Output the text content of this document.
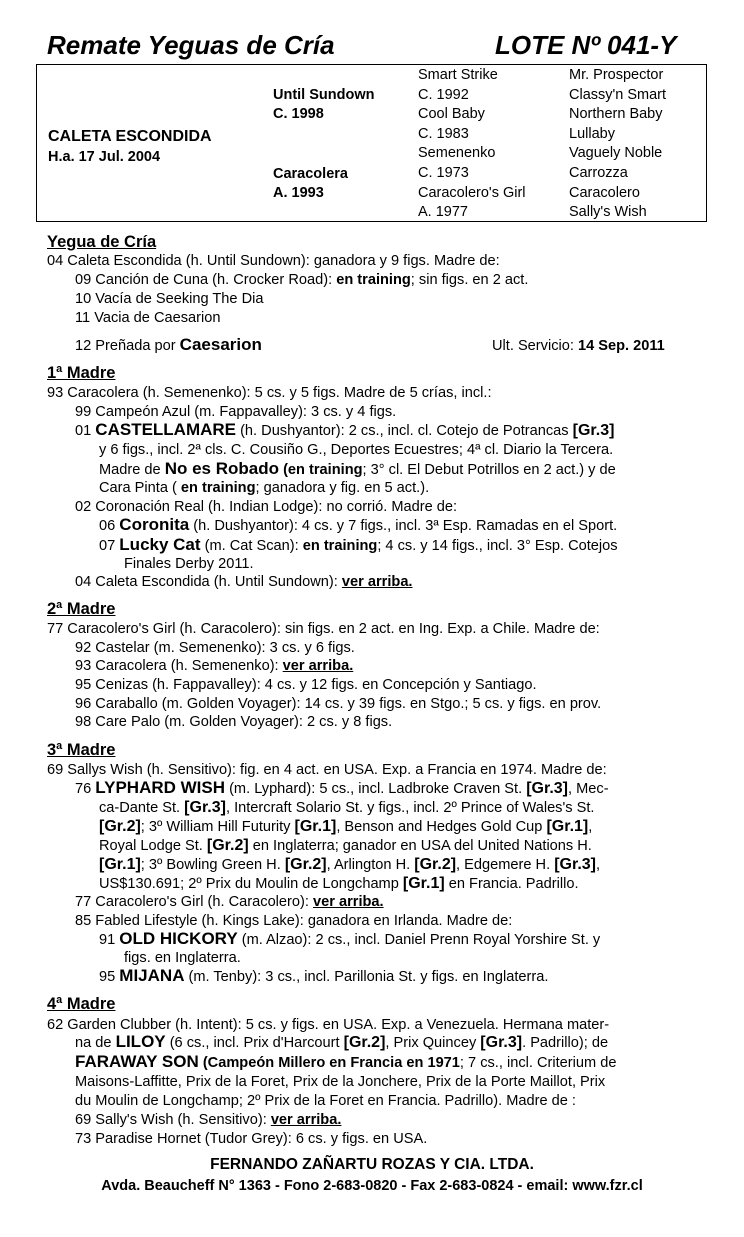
Remate Yeguas de Cría	LOTE Nº 041-Y
CALETA ESCONDIDA
H.a. 17 Jul. 2004
Until Sundown
C. 1998
Caracolera
A. 1993
Smart Strike
C. 1992
Cool Baby
C. 1983
Semenenko
C. 1973
Caracolero's Girl
A. 1977
Mr. Prospector
Classy'n Smart
Northern Baby
Lullaby
Vaguely Noble
Carrozza
Caracolero
Sally's Wish
Yegua de Cría
04 Caleta Escondida (h. Until Sundown): ganadora y 9 figs. Madre de:
09 Canción de Cuna (h. Crocker Road): en training; sin figs. en 2 act.
10 Vacía de Seeking The Dia
11 Vacia de Caesarion
12 Preñada por Caesarion	Ult. Servicio: 14 Sep. 2011
1ª Madre
93 Caracolera (h. Semenenko): 5 cs. y 5 figs. Madre de 5 crías, incl.:
99 Campeón Azul (m. Fappavalley): 3 cs. y 4 figs.
01 CASTELLAMARE (h. Dushyantor): 2 cs., incl. cl. Cotejo de Potrancas [Gr.3]
y 6 figs., incl. 2ª cls. C. Cousiño G., Deportes Ecuestres; 4ª cl. Diario la Tercera.
Madre de No es Robado (en training; 3° cl. El Debut Potrillos en 2 act.) y de
Cara Pinta ( en training; ganadora y fig. en 5 act.).
02 Coronación Real (h. Indian Lodge): no corrió. Madre de:
06 Coronita (h. Dushyantor): 4 cs. y 7 figs., incl. 3ª Esp. Ramadas en el Sport.
07 Lucky Cat (m. Cat Scan): en training; 4 cs. y 14 figs., incl. 3° Esp. Cotejos
Finales Derby 2011.
04 Caleta Escondida (h. Until Sundown): ver arriba.
2ª Madre
77 Caracolero's Girl (h. Caracolero): sin figs. en 2 act. en Ing. Exp. a Chile. Madre de:
92 Castelar (m. Semenenko): 3 cs. y 6 figs.
93 Caracolera (h. Semenenko): ver arriba.
95 Cenizas (h. Fappavalley): 4 cs. y 12 figs. en Concepción y Santiago.
96 Caraballo (m. Golden Voyager): 14 cs. y 39 figs. en Stgo.; 5 cs. y figs. en prov.
98 Care Palo (m. Golden Voyager): 2 cs. y 8 figs.
3ª Madre
69 Sallys Wish (h. Sensitivo): fig. en 4 act. en USA. Exp. a Francia en 1974. Madre de:
76 LYPHARD WISH (m. Lyphard): 5 cs., incl. Ladbroke Craven St. [Gr.3], Mec-
ca-Dante St. [Gr.3], Intercraft Solario St. y figs., incl. 2º Prince of Wales's St.
[Gr.2]; 3º William Hill Futurity [Gr.1], Benson and Hedges Gold Cup [Gr.1],
Royal Lodge St. [Gr.2] en Inglaterra; ganador en USA del United Nations H.
[Gr.1]; 3º Bowling Green H. [Gr.2], Arlington H. [Gr.2], Edgemere H. [Gr.3],
US$130.691; 2º Prix du Moulin de Longchamp [Gr.1] en Francia. Padrillo.
77 Caracolero's Girl (h. Caracolero): ver arriba.
85 Fabled Lifestyle (h. Kings Lake): ganadora en Irlanda. Madre de:
91 OLD HICKORY (m. Alzao): 2 cs., incl. Daniel Prenn Royal Yorshire St. y
figs. en Inglaterra.
95 MIJANA (m. Tenby): 3 cs., incl. Parillonia St. y figs. en Inglaterra.
4ª Madre
62 Garden Clubber (h. Intent): 5 cs. y figs. en USA. Exp. a Venezuela. Hermana mater-
na de LILOY (6 cs., incl. Prix d'Harcourt [Gr.2], Prix Quincey [Gr.3]. Padrillo); de
FARAWAY SON (Campeón Millero en Francia en 1971; 7 cs., incl. Criterium de
Maisons-Laffitte, Prix de la Foret, Prix de la Jonchere, Prix de la Porte Maillot, Prix
du Moulin de Longchamp; 2º Prix de la Foret en Francia. Padrillo). Madre de :
69 Sally's Wish (h. Sensitivo): ver arriba.
73 Paradise Hornet (Tudor Grey): 6 cs. y figs. en USA.
FERNANDO ZAÑARTU ROZAS Y CIA. LTDA.
Avda. Beaucheff N° 1363 - Fono 2-683-0820 - Fax 2-683-0824 - email: www.fzr.cl
